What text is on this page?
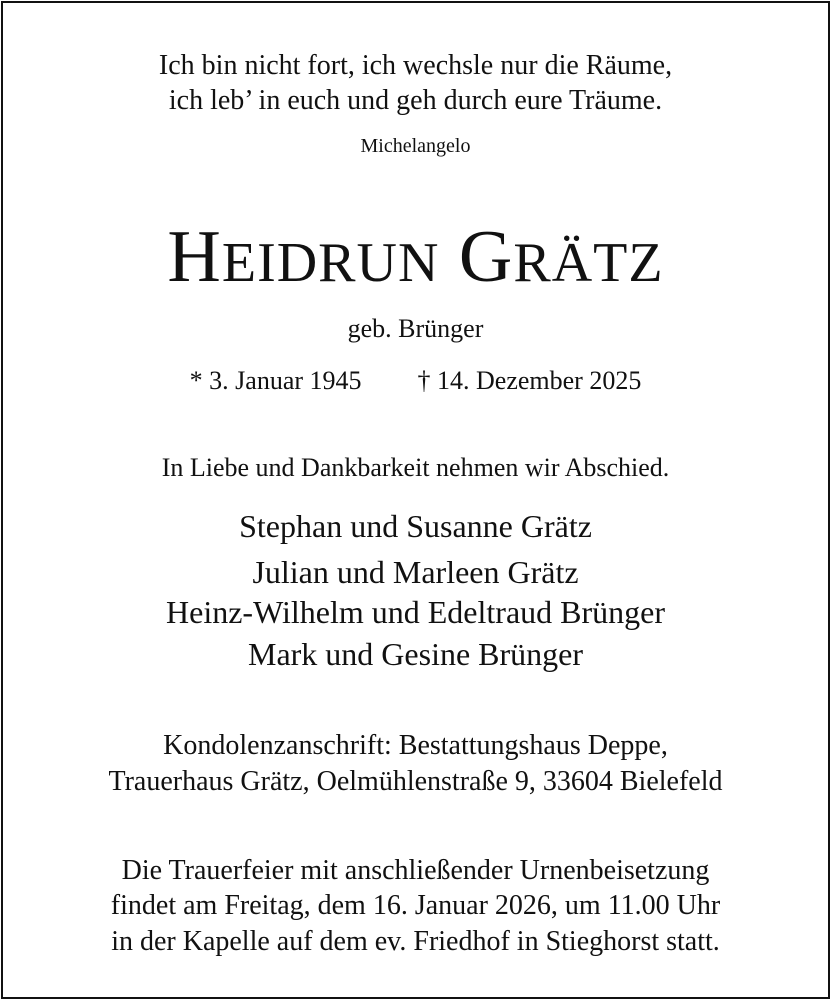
Ich bin nicht fort, ich wechsle nur die Räume,
ich leb’ in euch und geh durch eure Träume.
Michelangelo
HEIDRUN GRÄTZ
geb. Brünger
* 3. Januar 1945 † 14. Dezember 2025
In Liebe und Dankbarkeit nehmen wir Abschied.
Stephan und Susanne Grätz
Julian und Marleen Grätz
Heinz-Wilhelm und Edeltraud Brünger
Mark und Gesine Brünger
Kondolenzanschrift: Bestattungshaus Deppe,
Trauerhaus Grätz, Oelmühlenstraße 9, 33604 Bielefeld
Die Trauerfeier mit anschließender Urnenbeisetzung
findet am Freitag, dem 16. Januar 2026, um 11.00 Uhr
in der Kapelle auf dem ev. Friedhof in Stieghorst statt.
